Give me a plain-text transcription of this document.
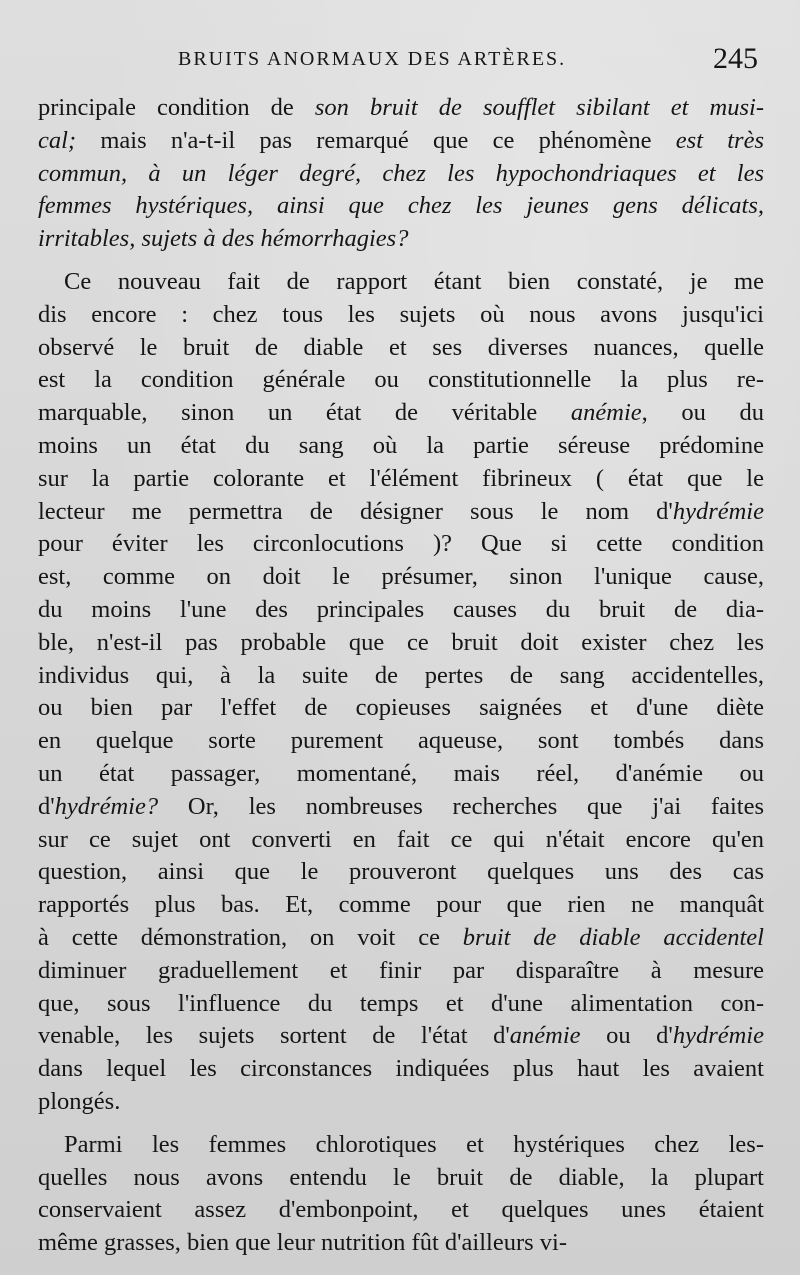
BRUITS ANORMAUX DES ARTÈRES.	245
principale condition de son bruit de soufflet sibilant et musi-
cal; mais n'a-t-il pas remarqué que ce phénomène est très
commun, à un léger degré, chez les hypochondriaques et les
femmes hystériques, ainsi que chez les jeunes gens délicats,
irritables, sujets à des hémorrhagies?
Ce nouveau fait de rapport étant bien constaté, je me
dis encore : chez tous les sujets où nous avons jusqu'ici
observé le bruit de diable et ses diverses nuances, quelle
est la condition générale ou constitutionnelle la plus re-
marquable, sinon un état de véritable anémie, ou du
moins un état du sang où la partie séreuse prédomine
sur la partie colorante et l'élément fibrineux ( état que le
lecteur me permettra de désigner sous le nom d'hydrémie
pour éviter les circonlocutions )? Que si cette condition
est, comme on doit le présumer, sinon l'unique cause,
du moins l'une des principales causes du bruit de dia-
ble, n'est-il pas probable que ce bruit doit exister chez les
individus qui, à la suite de pertes de sang accidentelles,
ou bien par l'effet de copieuses saignées et d'une diète
en quelque sorte purement aqueuse, sont tombés dans
un état passager, momentané, mais réel, d'anémie ou
d'hydrémie? Or, les nombreuses recherches que j'ai faites
sur ce sujet ont converti en fait ce qui n'était encore qu'en
question, ainsi que le prouveront quelques uns des cas
rapportés plus bas. Et, comme pour que rien ne manquât
à cette démonstration, on voit ce bruit de diable accidentel
diminuer graduellement et finir par disparaître à mesure
que, sous l'influence du temps et d'une alimentation con-
venable, les sujets sortent de l'état d'anémie ou d'hydrémie
dans lequel les circonstances indiquées plus haut les avaient
plongés.
Parmi les femmes chlorotiques et hystériques chez les-
quelles nous avons entendu le bruit de diable, la plupart
conservaient assez d'embonpoint, et quelques unes étaient
même grasses, bien que leur nutrition fût d'ailleurs vi-
